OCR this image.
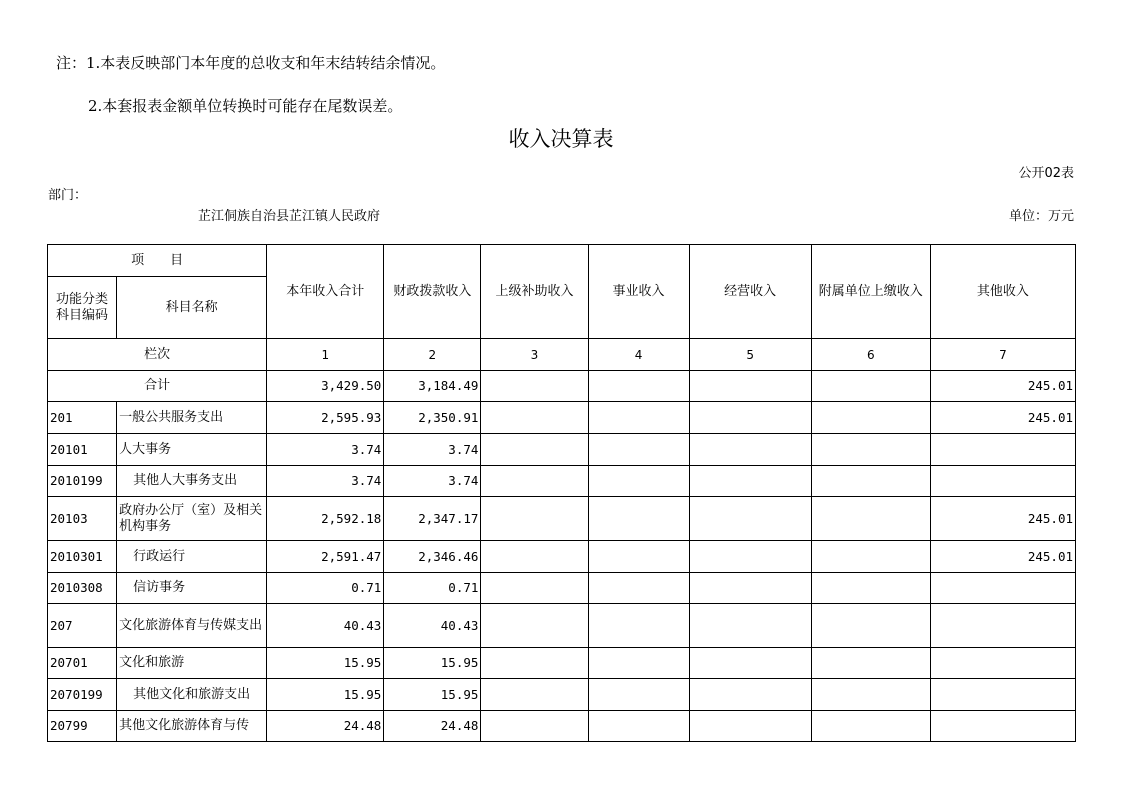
注：1.本表反映部门本年度的总收支和年末结转结余情况。
2.本套报表金额单位转换时可能存在尾数误差。
收入决算表
公开02表
部门：
芷江侗族自治县芷江镇人民政府	单位：万元
项　　目		本年收入合计	财政拨款收入	上级补助收入	事业收入	经营收入	附属单位上缴收入	其他收入
功能分类科目编码	科目名称							
栏次		1	2	3	4	5	6	7
合计		3,429.50	3,184.49					245.01
201	一般公共服务支出	2,595.93	2,350.91					245.01
20101	人大事务	3.74	3.74					
2010199	其他人大事务支出	3.74	3.74					
20103	政府办公厅（室）及相关机构事务	2,592.18	2,347.17					245.01
2010301	行政运行	2,591.47	2,346.46					245.01
2010308	信访事务	0.71	0.71					
207	文化旅游体育与传媒支出	40.43	40.43					
20701	文化和旅游	15.95	15.95					
2070199	其他文化和旅游支出	15.95	15.95					
20799	其他文化旅游体育与传	24.48	24.48					
